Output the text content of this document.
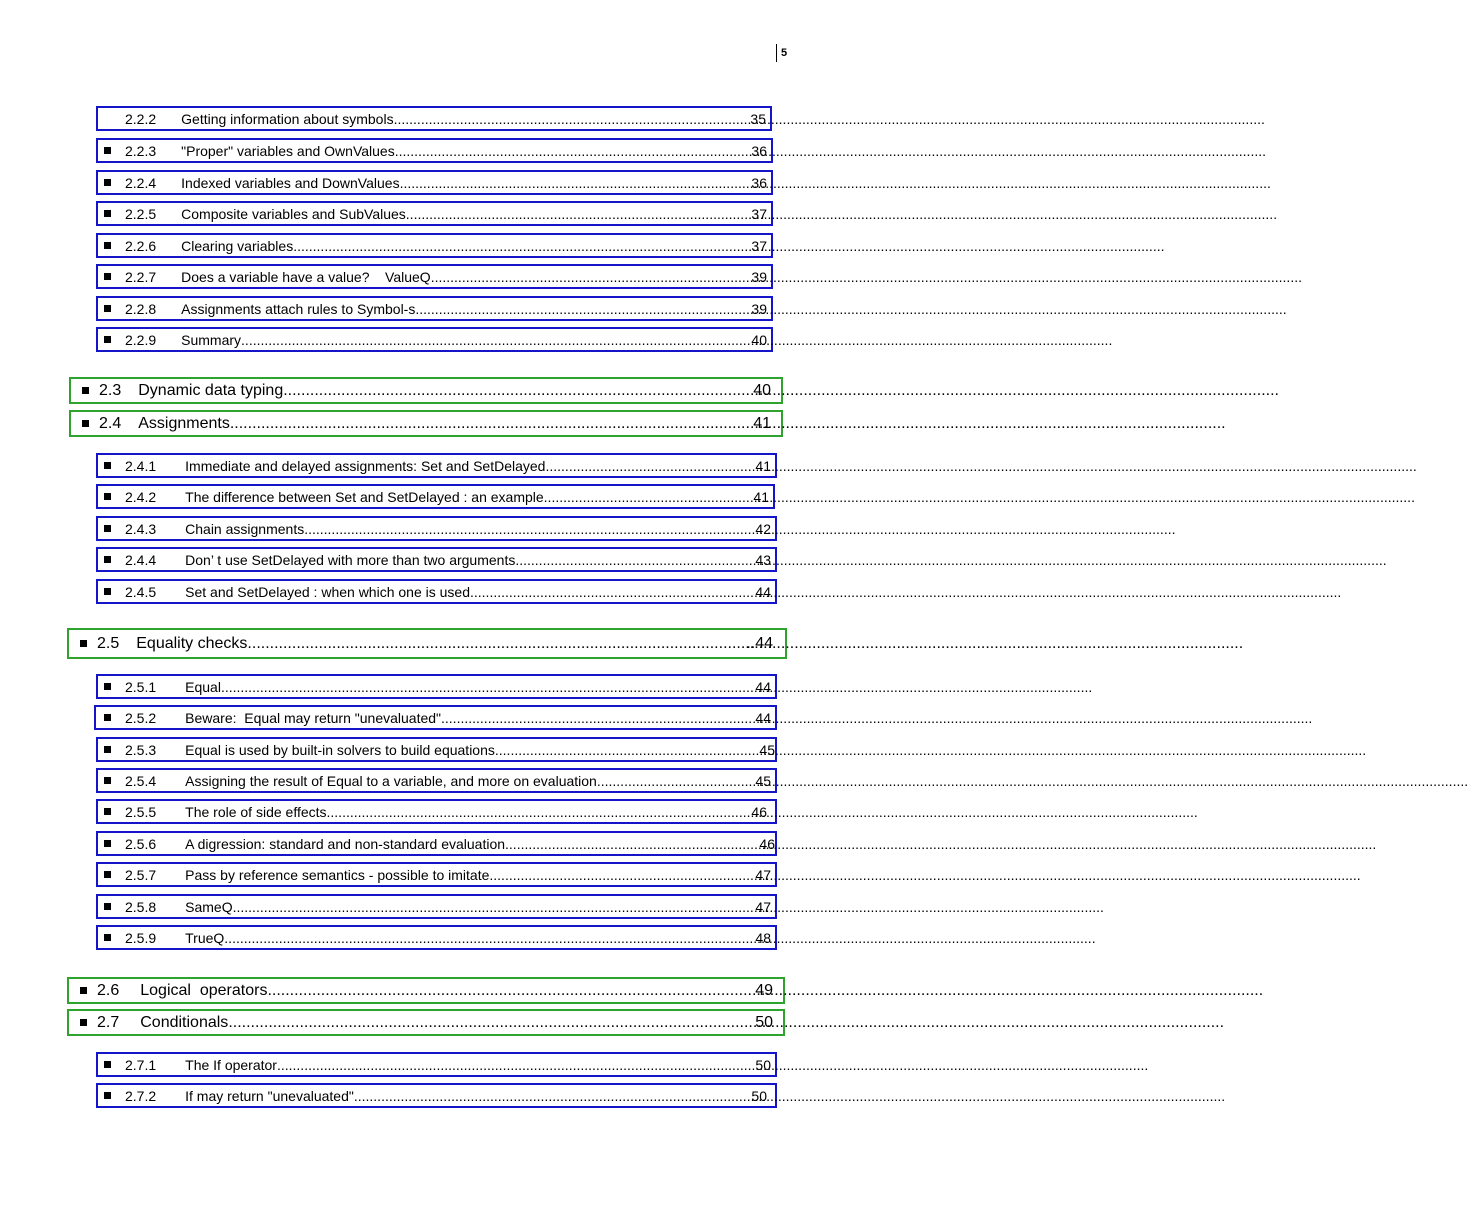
5
2.2.2 Getting information about symbols .....	35
2.2.3 "Proper" variables and OwnValues .....	36
2.2.4 Indexed variables and DownValues .....	36
2.2.5 Composite variables and SubValues .....	37
2.2.6 Clearing variables .....	37
2.2.7 Does a variable have a value?    ValueQ .....	39
2.2.8 Assignments attach rules to Symbol-s .....	39
2.2.9 Summary .....	40
2.3 Dynamic data typing .....	40
2.4 Assignments .....	41
2.4.1 Immediate and delayed assignments: Set and SetDelayed .....	41
2.4.2 The difference between Set and SetDelayed : an example .....	41
2.4.3 Chain assignments .....	42
2.4.4 Don’ t use SetDelayed with more than two arguments .....	43
2.4.5 Set and SetDelayed : when which one is used .....	44
2.5 Equality checks .....	..44
2.5.1 Equal .....	44
2.5.2 Beware:  Equal may return "unevaluated" .....	44
2.5.3 Equal is used by built-in solvers to build equations .....	45
2.5.4 Assigning the result of Equal to a variable, and more on evaluation .....	45
2.5.5 The role of side effects .....	46
2.5.6 A digression: standard and non-standard evaluation .....	46
2.5.7 Pass by reference semantics - possible to imitate .....	47
2.5.8 SameQ .....	47
2.5.9 TrueQ .....	48
2.6 Logical  operators .....	49
2.7 Conditionals .....	50
2.7.1 The If operator .....	50
2.7.2 If may return "unevaluated" .....	50
